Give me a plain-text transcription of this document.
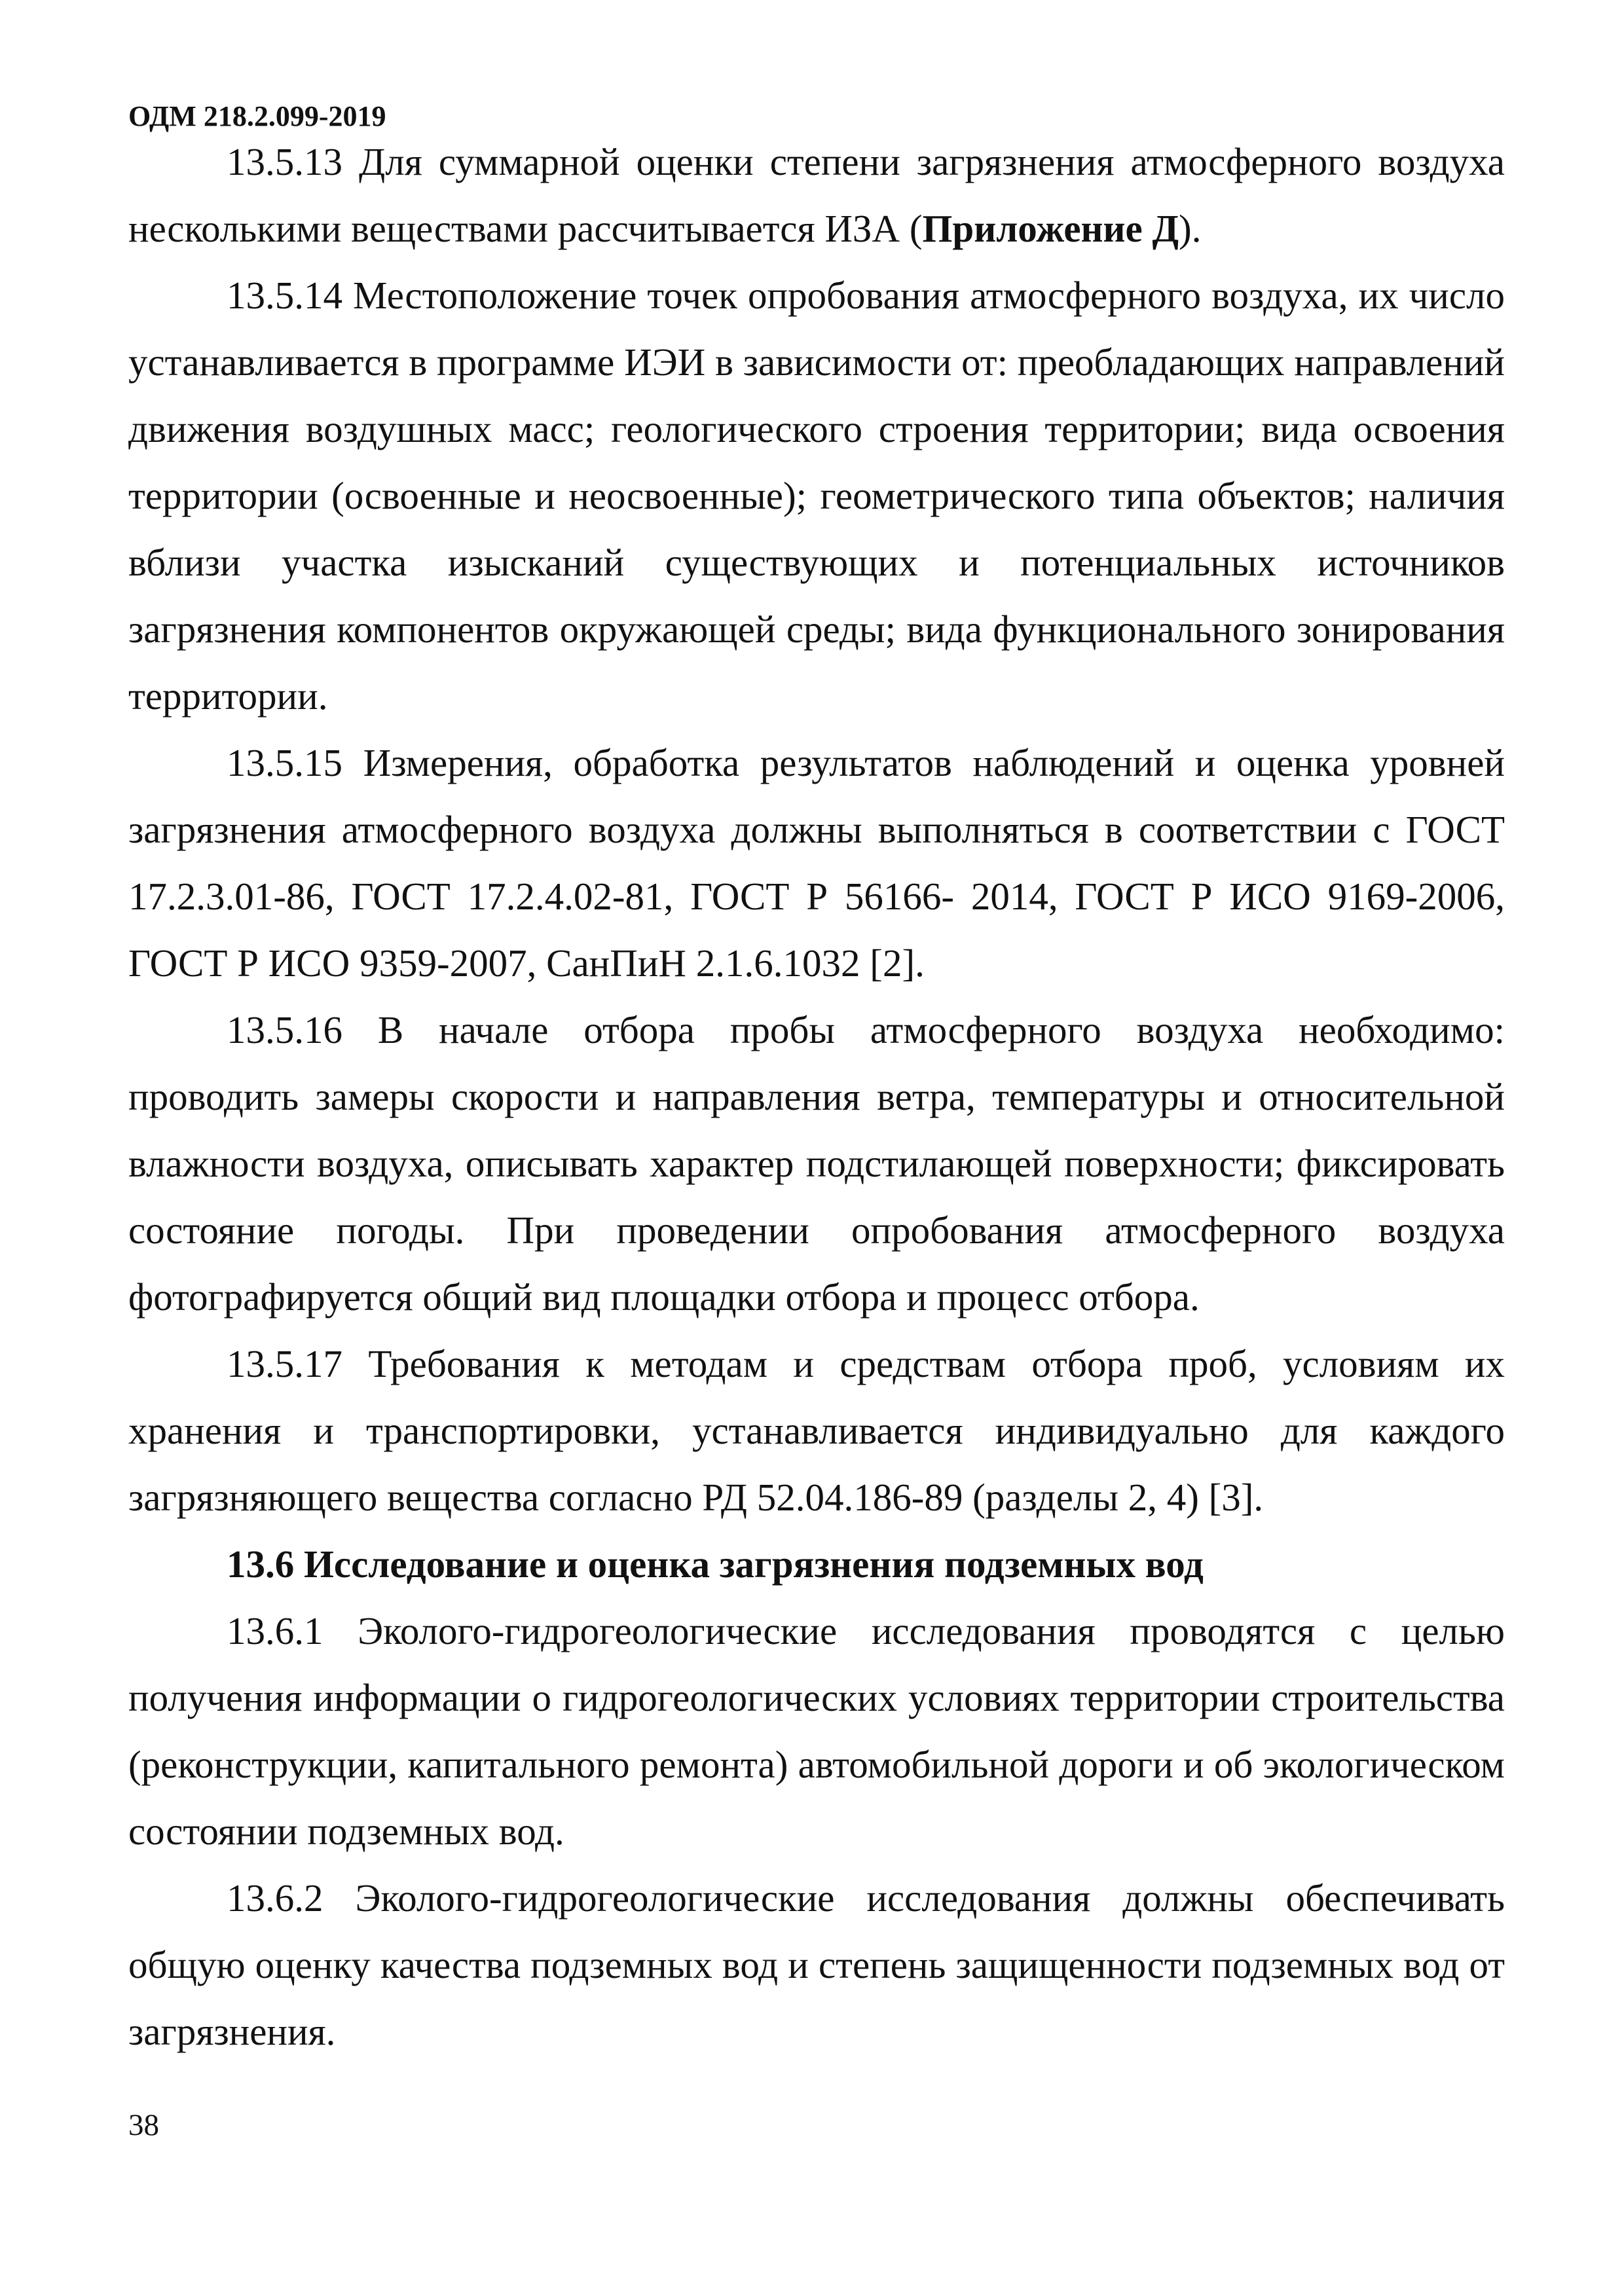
ОДМ 218.2.099-2019

13.5.13 Для суммарной оценки степени загрязнения атмосферного воздуха несколькими веществами рассчитывается ИЗА (Приложение Д).

13.5.14 Местоположение точек опробования атмосферного воздуха, их число устанавливается в программе ИЭИ в зависимости от: преобладающих направлений движения воздушных масс; геологического строения территории; вида освоения территории (освоенные и неосвоенные); геометрического типа объектов; наличия вблизи участка изысканий существующих и потенциальных источников загрязнения компонентов окружающей среды; вида функционального зонирования территории.

13.5.15 Измерения, обработка результатов наблюдений и оценка уровней загрязнения атмосферного воздуха должны выполняться в соответствии с ГОСТ 17.2.3.01-86, ГОСТ 17.2.4.02-81, ГОСТ Р 56166- 2014, ГОСТ Р ИСО 9169-2006, ГОСТ Р ИСО 9359-2007, СанПиН 2.1.6.1032 [2].

13.5.16 В начале отбора пробы атмосферного воздуха необходимо: проводить замеры скорости и направления ветра, температуры и относительной влажности воздуха, описывать характер подстилающей поверхности; фиксировать состояние погоды. При проведении опробования атмосферного воздуха фотографируется общий вид площадки отбора и процесс отбора.

13.5.17 Требования к методам и средствам отбора проб, условиям их хранения и транспортировки, устанавливается индивидуально для каждого загрязняющего вещества согласно РД 52.04.186-89 (разделы 2, 4) [3].

13.6 Исследование и оценка загрязнения подземных вод

13.6.1 Эколого-гидрогеологические исследования проводятся с целью получения информации о гидрогеологических условиях территории строительства (реконструкции, капитального ремонта) автомобильной дороги и об экологическом состоянии подземных вод.

13.6.2 Эколого-гидрогеологические исследования должны обеспечивать общую оценку качества подземных вод и степень защищенности подземных вод от загрязнения.

38
